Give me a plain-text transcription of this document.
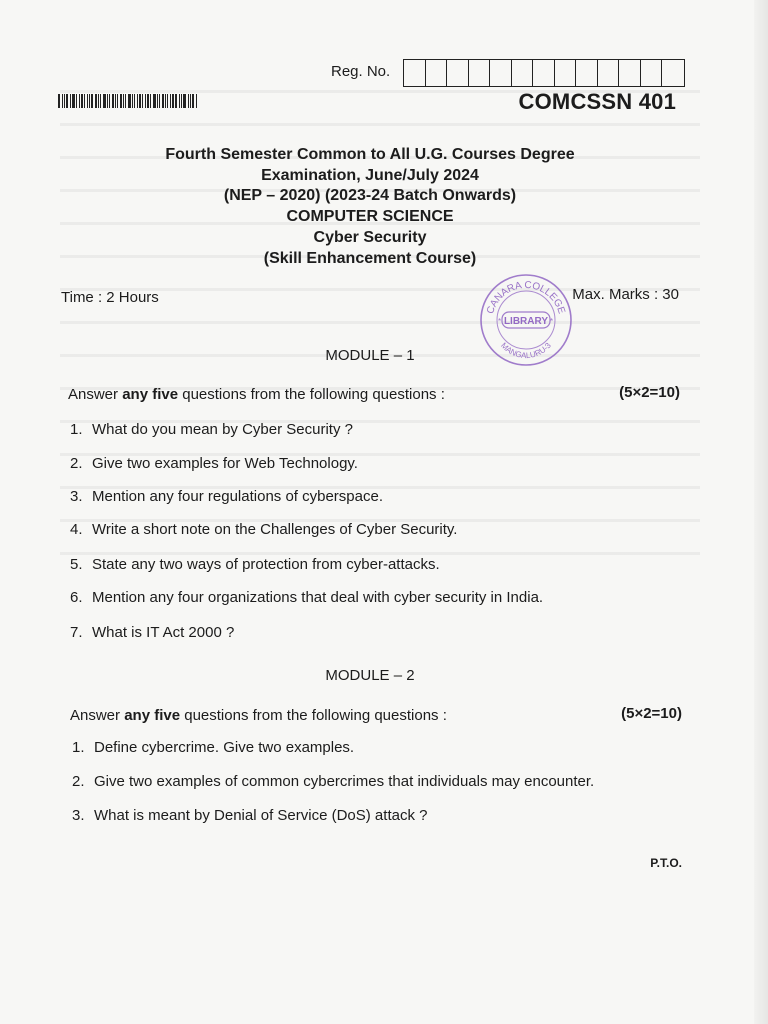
Reg. No.
COMCSSN 401
Fourth Semester Common to All U.G. Courses Degree
Examination, June/July 2024
(NEP – 2020) (2023-24 Batch Onwards)
COMPUTER SCIENCE
Cyber Security
(Skill Enhancement Course)
Time : 2 Hours	Max. Marks : 30
CANARA COLLEGE
LIBRARY
MANGALURU-3
*	*
MODULE – 1
Answer any five questions from the following questions :	(5×2=10)
1. What do you mean by Cyber Security ?
2. Give two examples for Web Technology.
3. Mention any four regulations of cyberspace.
4. Write a short note on the Challenges of Cyber Security.
5. State any two ways of protection from cyber-attacks.
6. Mention any four organizations that deal with cyber security in India.
7. What is IT Act 2000 ?
MODULE – 2
Answer any five questions from the following questions :	(5×2=10)
1. Define cybercrime. Give two examples.
2. Give two examples of common cybercrimes that individuals may encounter.
3. What is meant by Denial of Service (DoS) attack ?
P.T.O.
